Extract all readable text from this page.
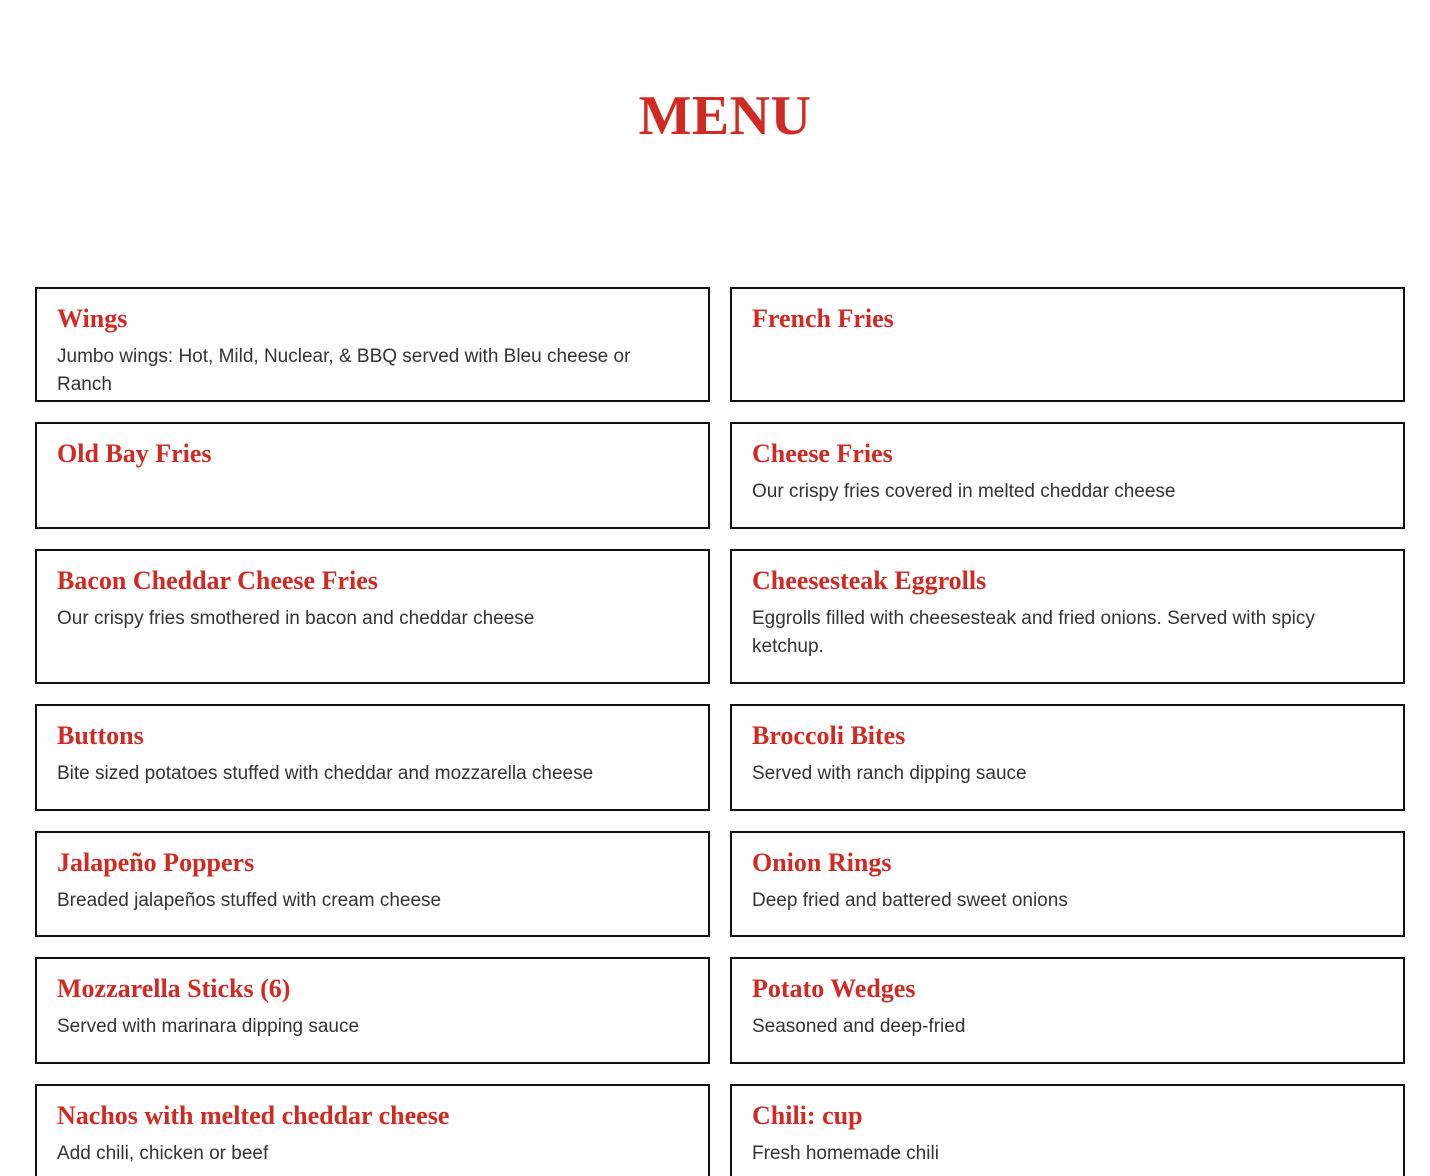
MENU
Wings

Jumbo wings: Hot, Mild, Nuclear, & BBQ served with Bleu cheese or Ranch

French Fries

Old Bay Fries	Cheese Fries

Our crispy fries covered in melted cheddar cheese

Bacon Cheddar Cheese Fries

Our crispy fries smothered in bacon and cheddar cheese

Cheesesteak Eggrolls

Eggrolls filled with cheesesteak and fried onions. Served with spicy ketchup.

Buttons

Bite sized potatoes stuffed with cheddar and mozzarella cheese

Broccoli Bites

Served with ranch dipping sauce

Jalapeño Poppers

Breaded jalapeños stuffed with cream cheese

Onion Rings

Deep fried and battered sweet onions

Mozzarella Sticks (6)

Served with marinara dipping sauce

Potato Wedges

Seasoned and deep-fried

Nachos with melted cheddar cheese

Add chili, chicken or beef

Chili: cup

Fresh homemade chili
